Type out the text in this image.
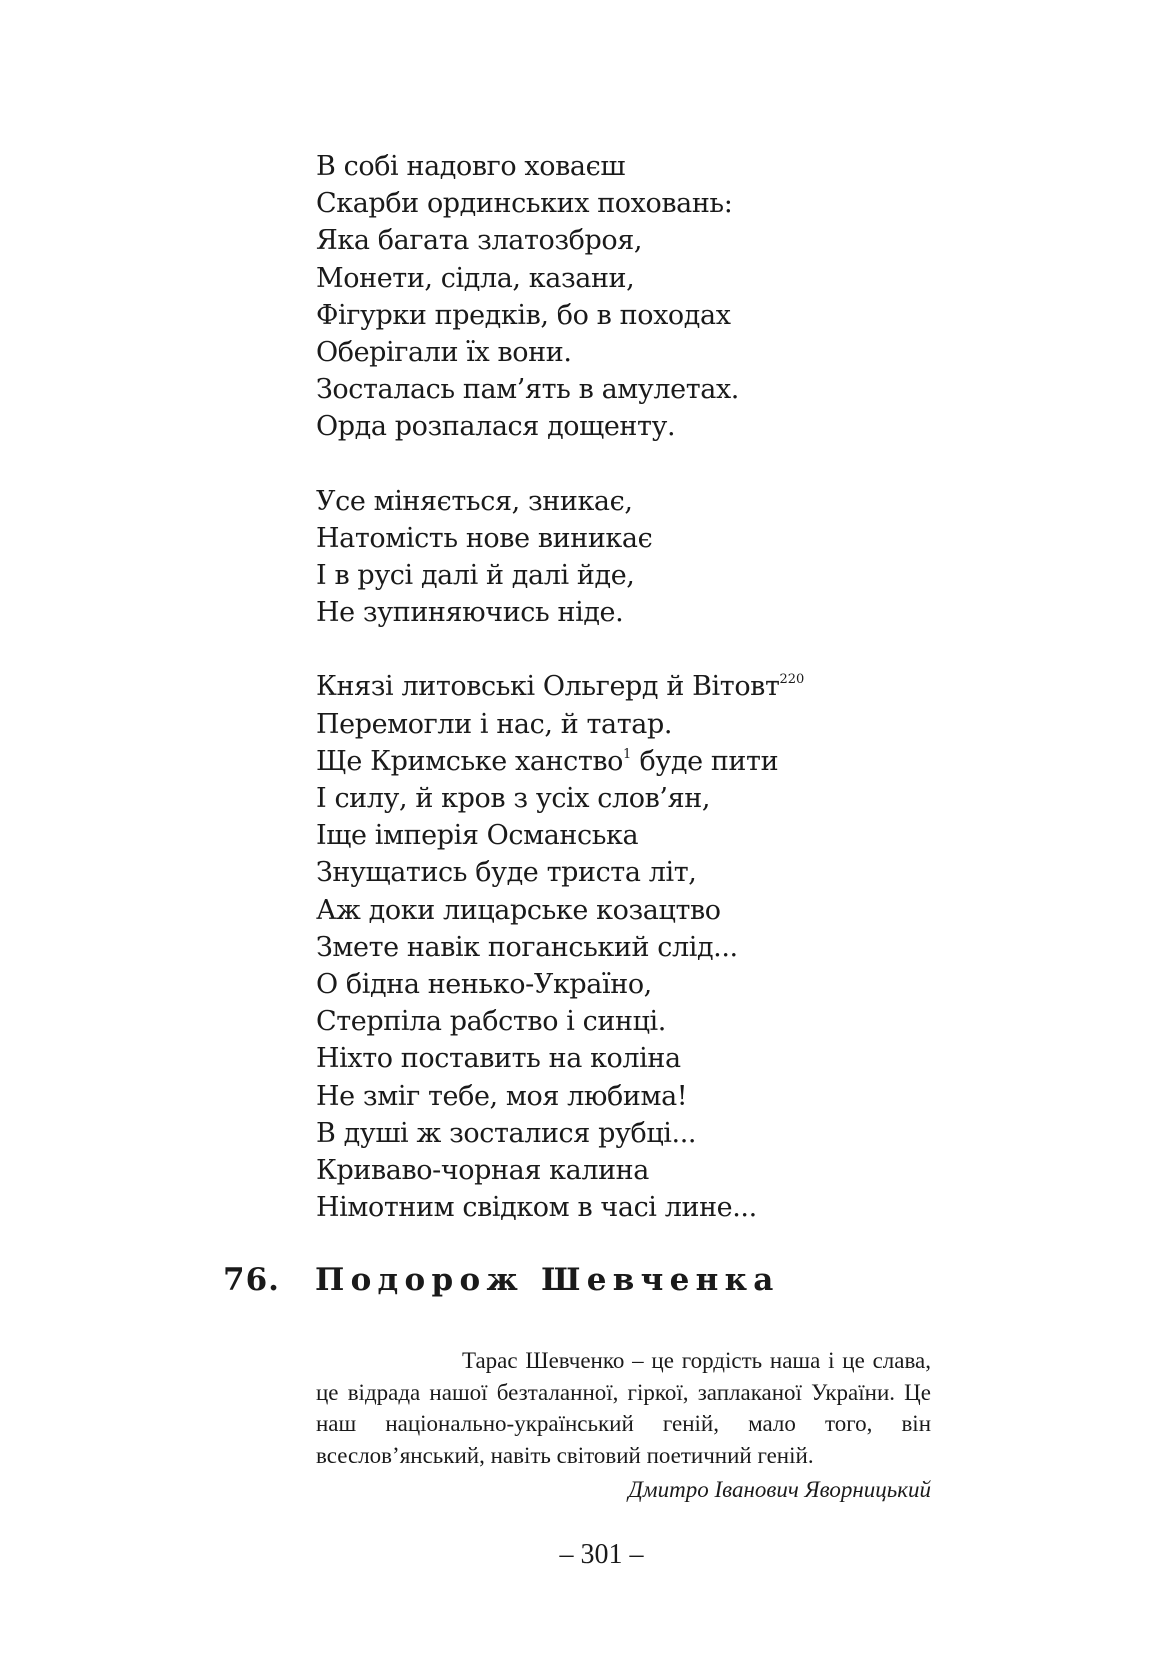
В собі надовго ховаєш
Скарби ординських поховань:
Яка багата златозброя,
Монети, сідла, казани,
Фігурки предків, бо в походах
Оберігали їх вони.
Зосталась пам’ять в амулетах.
Орда розпалася дощенту.
Усе міняється, зникає,
Натомість нове виникає
І в русі далі й далі йде,
Не зупиняючись ніде.
Князі литовські Ольгерд й Вітовт$^{220}$
Перемогли і нас, й татар.
Ще Кримське ханство$^1$ буде пити
І силу, й кров з усіх слов’ян,
Іще імперія Османська
Знущатись буде триста літ,
Аж доки лицарське козацтво
Змете навік поганський слід...
О бідна ненько-Україно,
Стерпіла рабство і синці.
Ніхто поставить на коліна
Не зміг тебе, моя любима!
В душі ж зосталися рубці...
Криваво-чорная калина
Німотним свідком в часі лине...
76. Подорож Шевченка

Тарас Шевченко – це гордість наша і це слава, це відрада нашої безталанної, гіркої, заплаканої України. Це наш національно-український геній, мало того, він всеслов’янський, навіть світовий поетичний геній.

Дмитро Іванович Яворницький
– 301 –
